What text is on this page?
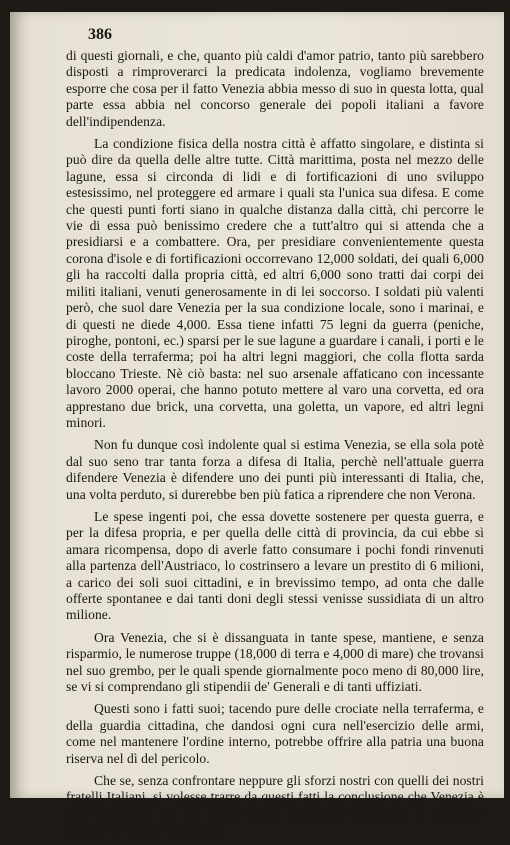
386

di questi giornali, e che, quanto più caldi d'amor patrio, tanto più sarebbero disposti a rimproverarci la predicata indolenza, vogliamo brevemente esporre che cosa per il fatto Venezia abbia messo di suo in questa lotta, qual parte essa abbia nel concorso generale dei popoli italiani a favore dell'indipendenza.

La condizione fisica della nostra città è affatto singolare, e distinta si può dire da quella delle altre tutte. Città marittima, posta nel mezzo delle lagune, essa si circonda di lidi e di fortificazioni di uno sviluppo estesissimo, nel proteggere ed armare i quali sta l'unica sua difesa. E come che questi punti forti siano in qualche distanza dalla città, chi percorre le vie di essa può benissimo credere che a tutt'altro qui si attenda che a presidiarsi e a combattere. Ora, per presidiare convenientemente questa corona d'isole e di fortificazioni occorrevano 12,000 soldati, dei quali 6,000 gli ha raccolti dalla propria città, ed altri 6,000 sono tratti dai corpi dei militi italiani, venuti generosamente in di lei soccorso. I soldati più valenti però, che suol dare Venezia per la sua condizione locale, sono i marinai, e di questi ne diede 4,000. Essa tiene infatti 75 legni da guerra (peniche, piroghe, pontoni, ec.) sparsi per le sue lagune a guardare i canali, i porti e le coste della terraferma; poi ha altri legni maggiori, che colla flotta sarda bloccano Trieste. Nè ciò basta: nel suo arsenale affaticano con incessante lavoro 2000 operai, che hanno potuto mettere al varo una corvetta, ed ora apprestano due brick, una corvetta, una goletta, un vapore, ed altri legni minori.

Non fu dunque così indolente qual si estima Venezia, se ella sola potè dal suo seno trar tanta forza a difesa di Italia, perchè nell'attuale guerra difendere Venezia è difendere uno dei punti più interessanti di Italia, che, una volta perduto, si durerebbe ben più fatica a riprendere che non Verona.

Le spese ingenti poi, che essa dovette sostenere per questa guerra, e per la difesa propria, e per quella delle città di provincia, da cui ebbe sì amara ricompensa, dopo di averle fatto consumare i pochi fondi rinvenuti alla partenza dell'Austriaco, lo costrinsero a levare un prestito di 6 milioni, a carico dei soli suoi cittadini, e in brevissimo tempo, ad onta che dalle offerte spontanee e dai tanti doni degli stessi venisse sussidiata di un altro milione.

Ora Venezia, che si è dissanguata in tante spese, mantiene, e senza risparmio, le numerose truppe (18,000 di terra e 4,000 di mare) che trovansi nel suo grembo, per le quali spende giornalmente poco meno di 80,000 lire, se vi si comprendano gli stipendii de' Generali e di tanti uffiziati.

Questi sono i fatti suoi; tacendo pure delle crociate nella terraferma, e della guardia cittadina, che dandosi ogni cura nell'esercizio delle armi, come nel mantenere l'ordine interno, potrebbe offrire alla patria una buona riserva nel dì del pericolo.

Che se, senza confrontare neppure gli sforzi nostri con quelli dei nostri fratelli Italiani, si volesse trarre da questi fatti la conclusione che Venezia è stata indolente, noi dal canto nostro dobbiamo confessare di non aver potuto, nè saputo fare di più.
